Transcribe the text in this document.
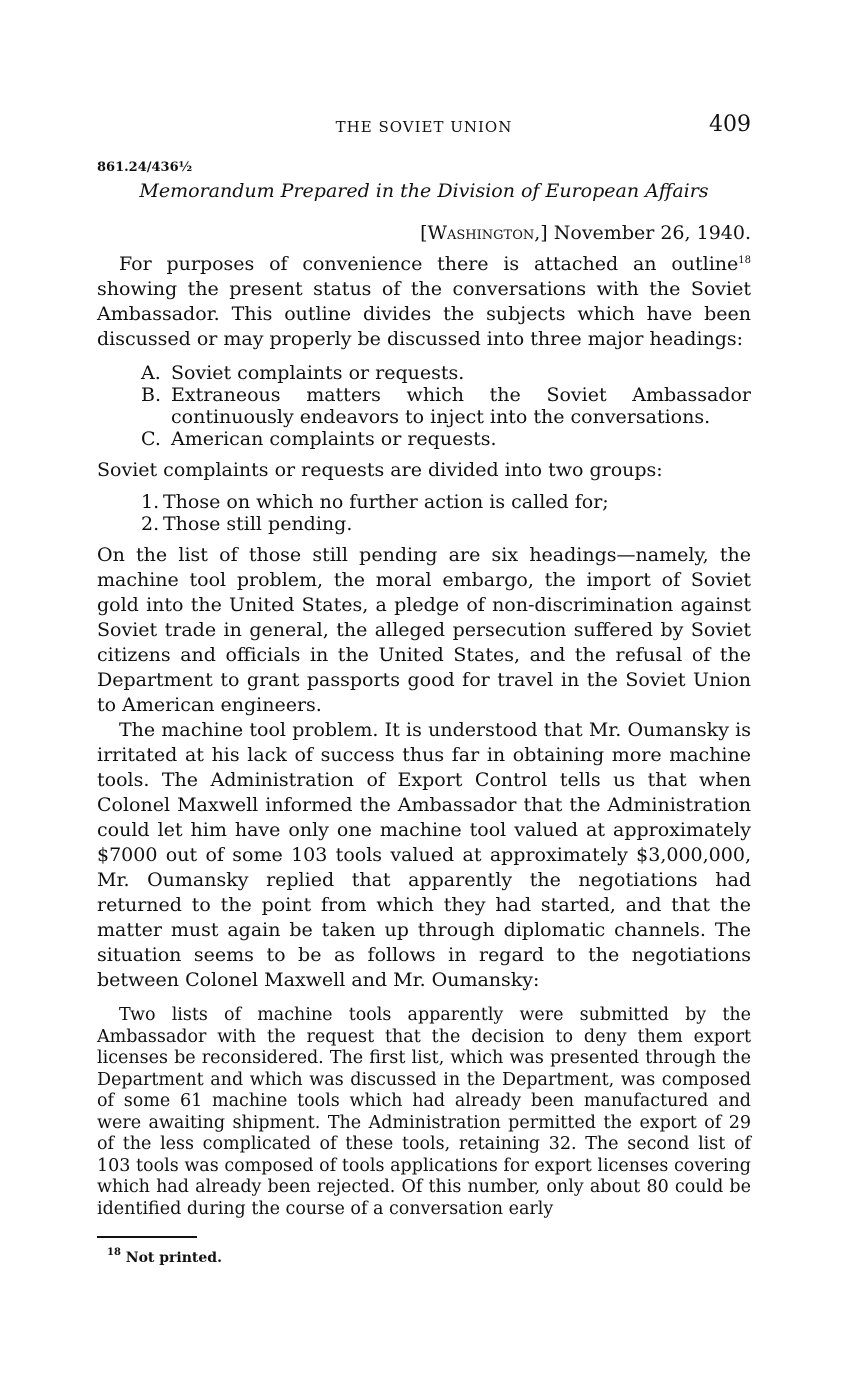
THE SOVIET UNION	409
861.24/436½
Memorandum Prepared in the Division of European Affairs
[Washington,] November 26, 1940.

For purposes of convenience there is attached an outline$^{18}$ showing the present status of the conversations with the Soviet Ambassador. This outline divides the subjects which have been discussed or may properly be discussed into three major headings:

A. Soviet complaints or requests.
B. Extraneous matters which the Soviet Ambassador continuously endeavors to inject into the conversations.
C. American complaints or requests.

Soviet complaints or requests are divided into two groups:

1. Those on which no further action is called for;
2. Those still pending.

On the list of those still pending are six headings—namely, the machine tool problem, the moral embargo, the import of Soviet gold into the United States, a pledge of non-discrimination against Soviet trade in general, the alleged persecution suffered by Soviet citizens and officials in the United States, and the refusal of the Department to grant passports good for travel in the Soviet Union to American engineers.

The machine tool problem. It is understood that Mr. Oumansky is irritated at his lack of success thus far in obtaining more machine tools. The Administration of Export Control tells us that when Colonel Maxwell informed the Ambassador that the Administration could let him have only one machine tool valued at approximately $7000 out of some 103 tools valued at approximately $3,000,000, Mr. Oumansky replied that apparently the negotiations had returned to the point from which they had started, and that the matter must again be taken up through diplomatic channels. The situation seems to be as follows in regard to the negotiations between Colonel Maxwell and Mr. Oumansky:

Two lists of machine tools apparently were submitted by the Ambassador with the request that the decision to deny them export licenses be reconsidered. The first list, which was presented through the Department and which was discussed in the Department, was composed of some 61 machine tools which had already been manufactured and were awaiting shipment. The Administration permitted the export of 29 of the less complicated of these tools, retaining 32. The second list of 103 tools was composed of tools applications for export licenses covering which had already been rejected. Of this number, only about 80 could be identified during the course of a conversation early

$^{18}$ Not printed.
